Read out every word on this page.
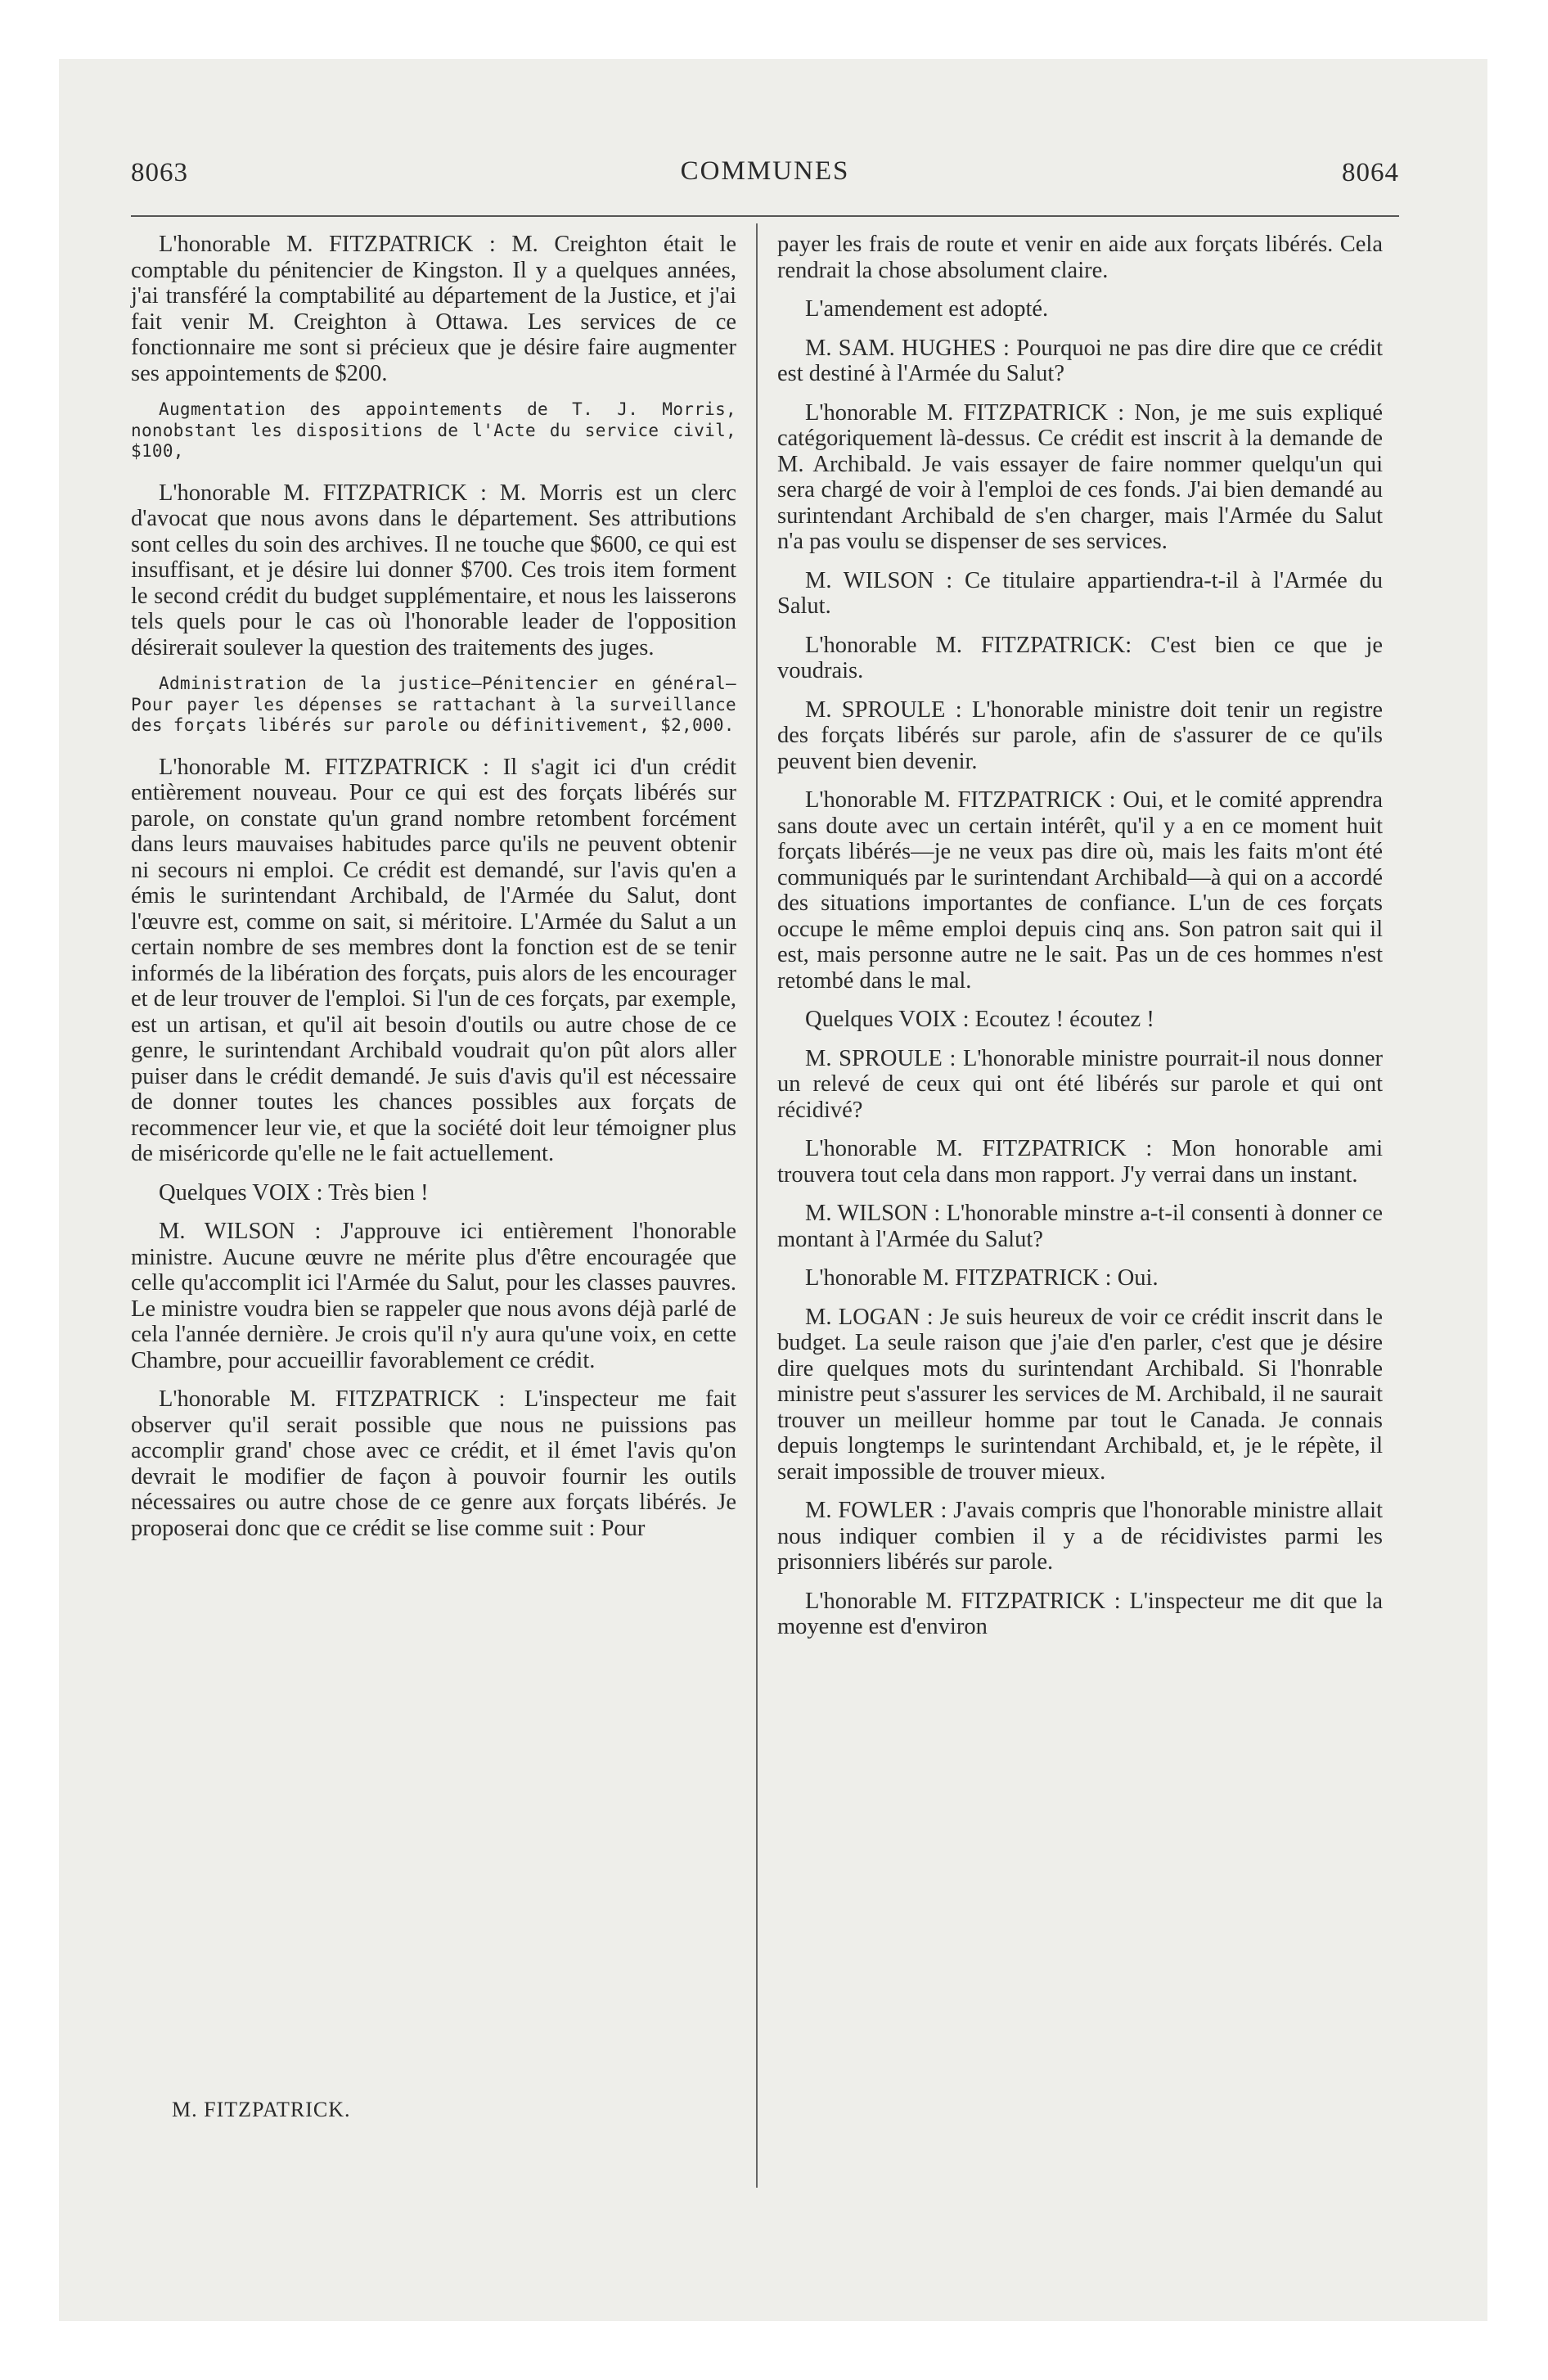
8063	COMMUNES	8064

L'honorable M. FITZPATRICK : M. Creighton était le comptable du pénitencier de Kingston. Il y a quelques années, j'ai transféré la comptabilité au département de la Justice, et j'ai fait venir M. Creighton à Ottawa. Les services de ce fonctionnaire me sont si précieux que je désire faire augmenter ses appointements de $200.

Augmentation des appointements de T. J. Morris, nonobstant les dispositions de l'Acte du service civil, $100,

L'honorable M. FITZPATRICK : M. Morris est un clerc d'avocat que nous avons dans le département. Ses attributions sont celles du soin des archives. Il ne touche que $600, ce qui est insuffisant, et je désire lui donner $700. Ces trois item forment le second crédit du budget supplémentaire, et nous les laisserons tels quels pour le cas où l'honorable leader de l'opposition désirerait soulever la question des traitements des juges.

Administration de la justice—Pénitencier en général—Pour payer les dépenses se rattachant à la surveillance des forçats libérés sur parole ou définitivement, $2,000.

L'honorable M. FITZPATRICK : Il s'agit ici d'un crédit entièrement nouveau. Pour ce qui est des forçats libérés sur parole, on constate qu'un grand nombre retombent forcément dans leurs mauvaises habitudes parce qu'ils ne peuvent obtenir ni secours ni emploi. Ce crédit est demandé, sur l'avis qu'en a émis le surintendant Archibald, de l'Armée du Salut, dont l'œuvre est, comme on sait, si méritoire. L'Armée du Salut a un certain nombre de ses membres dont la fonction est de se tenir informés de la libération des forçats, puis alors de les encourager et de leur trouver de l'emploi. Si l'un de ces forçats, par exemple, est un artisan, et qu'il ait besoin d'outils ou autre chose de ce genre, le surintendant Archibald voudrait qu'on pût alors aller puiser dans le crédit demandé. Je suis d'avis qu'il est nécessaire de donner toutes les chances possibles aux forçats de recommencer leur vie, et que la société doit leur témoigner plus de miséricorde qu'elle ne le fait actuellement.

Quelques VOIX : Très bien !

M. WILSON : J'approuve ici entièrement l'honorable ministre. Aucune œuvre ne mérite plus d'être encouragée que celle qu'accomplit ici l'Armée du Salut, pour les classes pauvres. Le ministre voudra bien se rappeler que nous avons déjà parlé de cela l'année dernière. Je crois qu'il n'y aura qu'une voix, en cette Chambre, pour accueillir favorablement ce crédit.

L'honorable M. FITZPATRICK : L'inspecteur me fait observer qu'il serait possible que nous ne puissions pas accomplir grand' chose avec ce crédit, et il émet l'avis qu'on devrait le modifier de façon à pouvoir fournir les outils nécessaires ou autre chose de ce genre aux forçats libérés. Je proposerai donc que ce crédit se lise comme suit : Pour

payer les frais de route et venir en aide aux forçats libérés. Cela rendrait la chose absolument claire.

L'amendement est adopté.

M. SAM. HUGHES : Pourquoi ne pas dire dire que ce crédit est destiné à l'Armée du Salut?

L'honorable M. FITZPATRICK : Non, je me suis expliqué catégoriquement là-dessus. Ce crédit est inscrit à la demande de M. Archibald. Je vais essayer de faire nommer quelqu'un qui sera chargé de voir à l'emploi de ces fonds. J'ai bien demandé au surintendant Archibald de s'en charger, mais l'Armée du Salut n'a pas voulu se dispenser de ses services.

M. WILSON : Ce titulaire appartiendra-t-il à l'Armée du Salut.

L'honorable M. FITZPATRICK: C'est bien ce que je voudrais.

M. SPROULE : L'honorable ministre doit tenir un registre des forçats libérés sur parole, afin de s'assurer de ce qu'ils peuvent bien devenir.

L'honorable M. FITZPATRICK : Oui, et le comité apprendra sans doute avec un certain intérêt, qu'il y a en ce moment huit forçats libérés—je ne veux pas dire où, mais les faits m'ont été communiqués par le surintendant Archibald—à qui on a accordé des situations importantes de confiance. L'un de ces forçats occupe le même emploi depuis cinq ans. Son patron sait qui il est, mais personne autre ne le sait. Pas un de ces hommes n'est retombé dans le mal.

Quelques VOIX : Ecoutez ! écoutez !

M. SPROULE : L'honorable ministre pourrait-il nous donner un relevé de ceux qui ont été libérés sur parole et qui ont récidivé?

L'honorable M. FITZPATRICK : Mon honorable ami trouvera tout cela dans mon rapport. J'y verrai dans un instant.

M. WILSON : L'honorable minstre a-t-il consenti à donner ce montant à l'Armée du Salut?

L'honorable M. FITZPATRICK : Oui.

M. LOGAN : Je suis heureux de voir ce crédit inscrit dans le budget. La seule raison que j'aie d'en parler, c'est que je désire dire quelques mots du surintendant Archibald. Si l'honrable ministre peut s'assurer les services de M. Archibald, il ne saurait trouver un meilleur homme par tout le Canada. Je connais depuis longtemps le surintendant Archibald, et, je le répète, il serait impossible de trouver mieux.

M. FOWLER : J'avais compris que l'honorable ministre allait nous indiquer combien il y a de récidivistes parmi les prisonniers libérés sur parole.

L'honorable M. FITZPATRICK : L'inspecteur me dit que la moyenne est d'environ

M. FITZPATRICK.
